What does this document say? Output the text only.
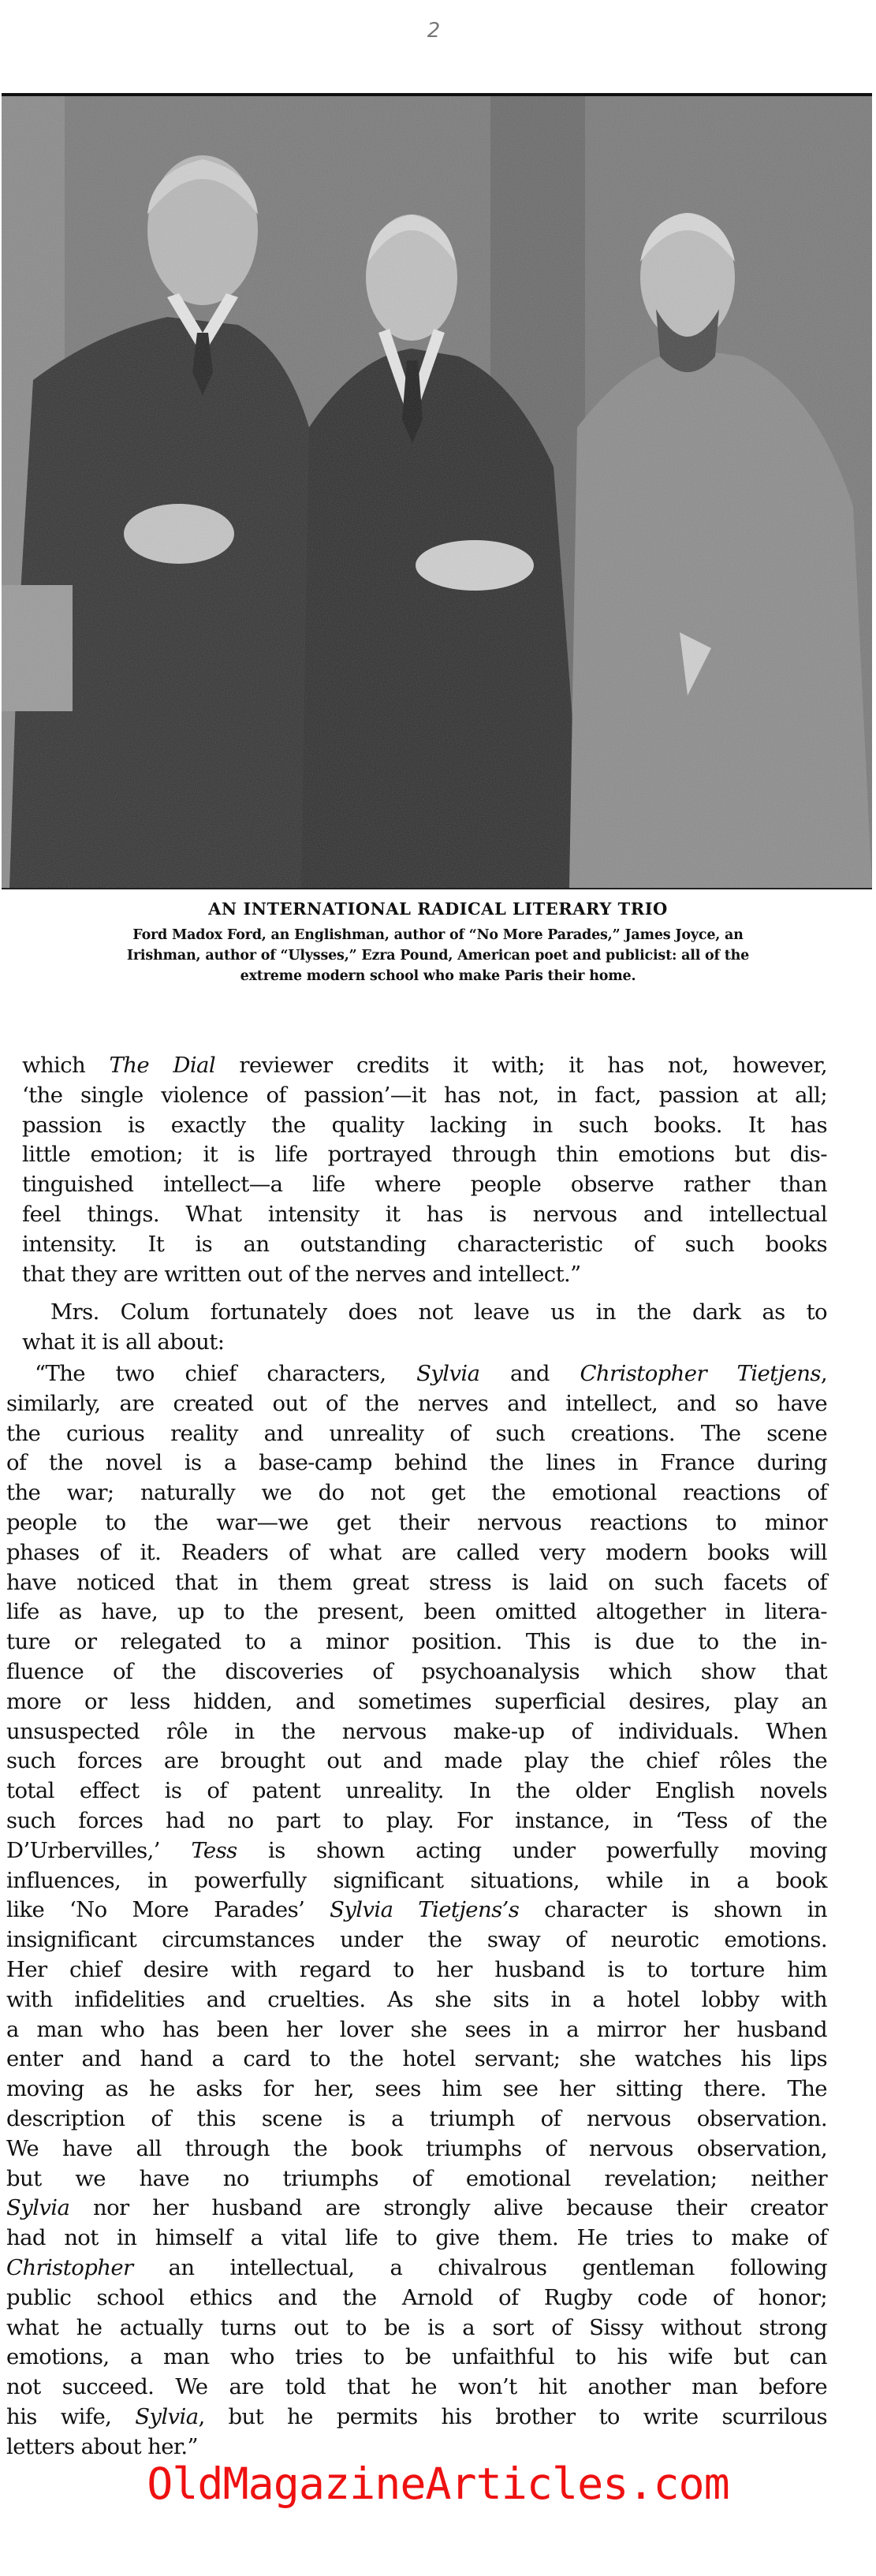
2
AN INTERNATIONAL RADICAL LITERARY TRIO
Ford Madox Ford, an Englishman, author of “No More Parades,” James Joyce, an
Irishman, author of “Ulysses,” Ezra Pound, American poet and publicist: all of the
extreme modern school who make Paris their home.
which The Dial reviewer credits it with; it has not, however,
‘the single violence of passion’—it has not, in fact, passion at all;
passion is exactly the quality lacking in such books. It has
little emotion; it is life portrayed through thin emotions but dis-
tinguished intellect—a life where people observe rather than
feel things. What intensity it has is nervous and intellectual
intensity. It is an outstanding characteristic of such books
that they are written out of the nerves and intellect.”
Mrs. Colum fortunately does not leave us in the dark as to
what it is all about:
“The two chief characters, Sylvia and Christopher Tietjens,
similarly, are created out of the nerves and intellect, and so have
the curious reality and unreality of such creations. The scene
of the novel is a base-camp behind the lines in France during
the war; naturally we do not get the emotional reactions of
people to the war—we get their nervous reactions to minor
phases of it. Readers of what are called very modern books will
have noticed that in them great stress is laid on such facets of
life as have, up to the present, been omitted altogether in litera-
ture or relegated to a minor position. This is due to the in-
fluence of the discoveries of psychoanalysis which show that
more or less hidden, and sometimes superficial desires, play an
unsuspected rôle in the nervous make-up of individuals. When
such forces are brought out and made play the chief rôles the
total effect is of patent unreality. In the older English novels
such forces had no part to play. For instance, in ‘Tess of the
D’Urbervilles,’ Tess is shown acting under powerfully moving
influences, in powerfully significant situations, while in a book
like ‘No More Parades’ Sylvia Tietjens’s character is shown in
insignificant circumstances under the sway of neurotic emotions.
Her chief desire with regard to her husband is to torture him
with infidelities and cruelties. As she sits in a hotel lobby with
a man who has been her lover she sees in a mirror her husband
enter and hand a card to the hotel servant; she watches his lips
moving as he asks for her, sees him see her sitting there. The
description of this scene is a triumph of nervous observation.
We have all through the book triumphs of nervous observation,
but we have no triumphs of emotional revelation; neither
Sylvia nor her husband are strongly alive because their creator
had not in himself a vital life to give them. He tries to make of
Christopher an intellectual, a chivalrous gentleman following
public school ethics and the Arnold of Rugby code of honor;
what he actually turns out to be is a sort of Sissy without strong
emotions, a man who tries to be unfaithful to his wife but can
not succeed. We are told that he won’t hit another man before
his wife, Sylvia, but he permits his brother to write scurrilous
letters about her.”
OldMagazineArticles.com
